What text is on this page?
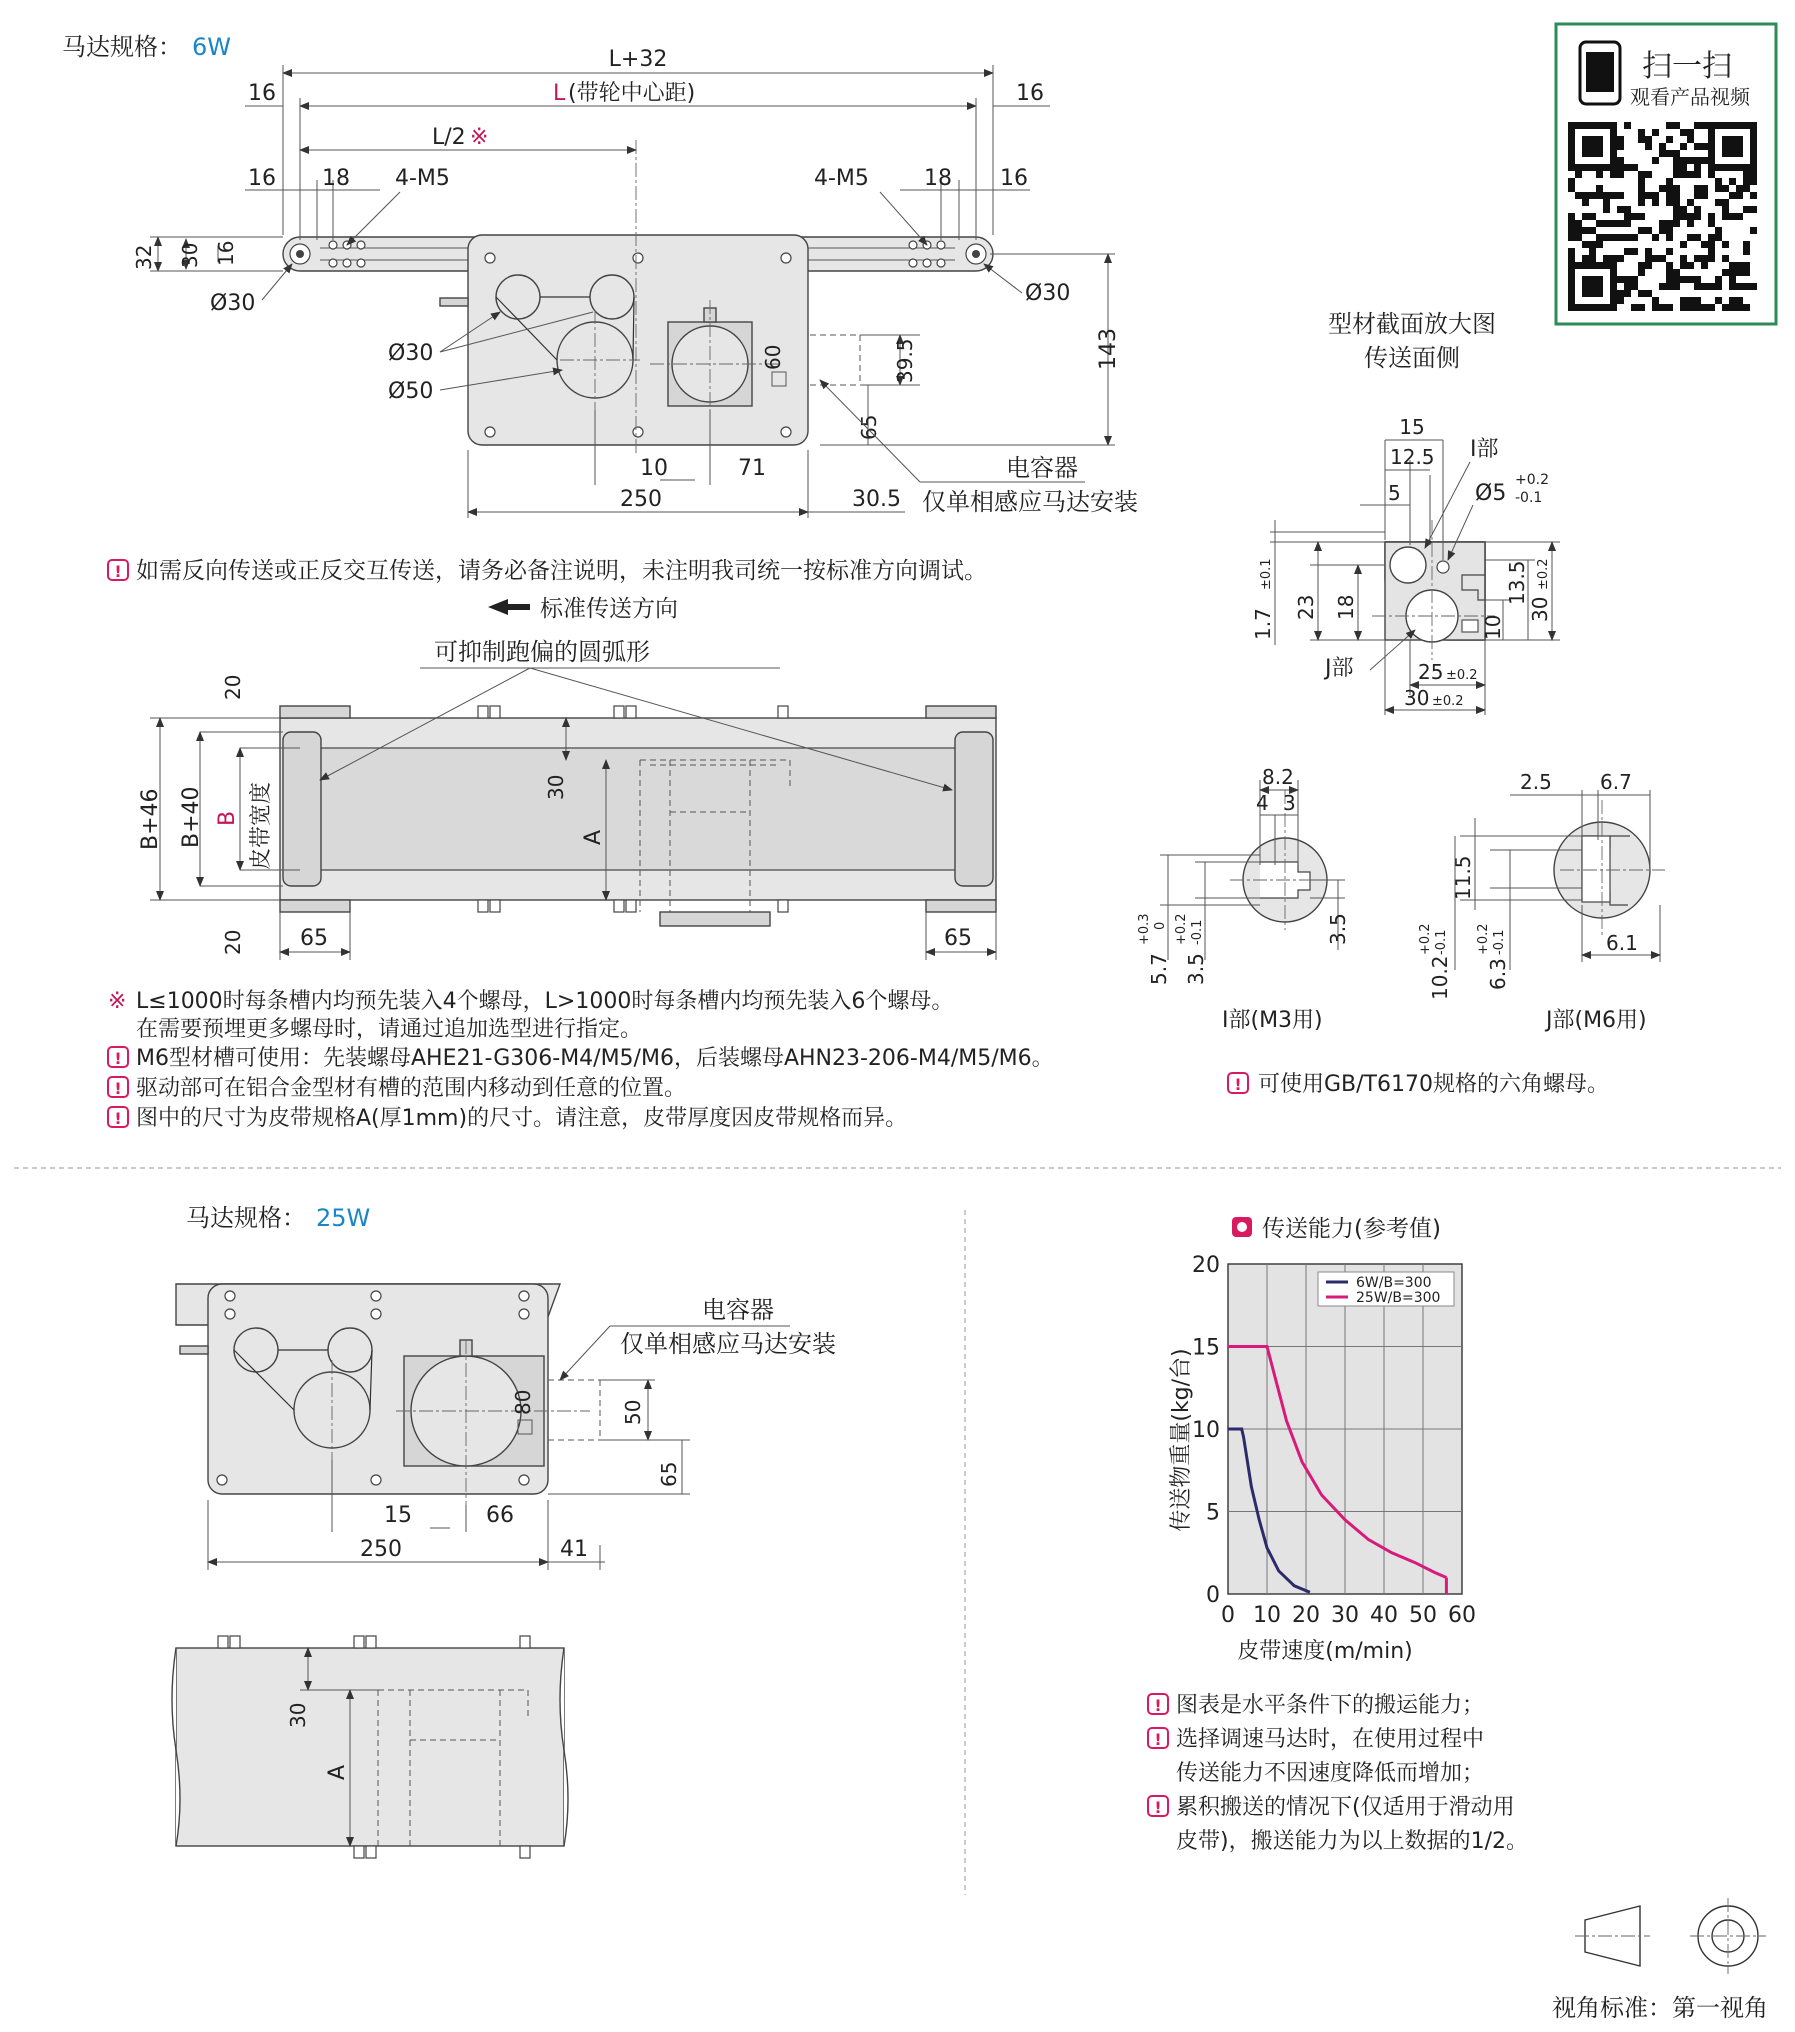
马达规格： 6W	L+32
L (带轮中心距)
16	16
L/2 ※
16 18 4-M5	4-M5	18 16
32 30 16
Ø30	Ø30
Ø30
Ø50
60	39.5
65
143
10	71
250	30.5
电容器
仅单相感应马达安装
! 如需反向传送或正反交互传送，请务必备注说明，未注明我司统一按标准方向调试。
标准传送方向
可抑制跑偏的圆弧形
20
20
B+46 B+40 B 皮带宽度	30
A
65	65
※ L≤1000时每条槽内均预先装入4个螺母，L>1000时每条槽内均预先装入6个螺母。
在需要预埋更多螺母时，请通过追加选型进行指定。
! M6型材槽可使用：先装螺母AHE21-G306-M4/M5/M6，后装螺母AHN23-206-M4/M5/M6。
! 驱动部可在铝合金型材有槽的范围内移动到任意的位置。
! 图中的尺寸为皮带规格A(厚1mm)的尺寸。请注意，皮带厚度因皮带规格而异。
扫一扫
观看产品视频
型材截面放大图
传送面侧
15
12.5
5
I部
Ø5
+0.2
-0.1
1.7
±0.1
23 18
10
13.5
30
±0.2
J部	25 ±0.2
30 ±0.2
8.2
4 3
5.7
+0.3 0
3.5
+0.2 -0.1	3.5
I部(M3用)
2.5 6.7
11.5
10.2
+0.2 -0.1
6.3
+0.2 -0.1	6.1
J部(M6用)
! 可使用GB/T6170规格的六角螺母。
马达规格： 25W
电容器
仅单相感应马达安装
80	50
65
15	66
250	41
30
A
传送能力(参考值)
0 10 20 30 40 50 60
0
5
10
15
20
6W/B=300
25W/B=300
皮带速度(m/min)
传送物重量(kg/台)
! 图表是水平条件下的搬运能力；
! 选择调速马达时，在使用过程中
传送能力不因速度降低而增加；
! 累积搬送的情况下(仅适用于滑动用
皮带)，搬送能力为以上数据的1/2。
视角标准：第一视角
